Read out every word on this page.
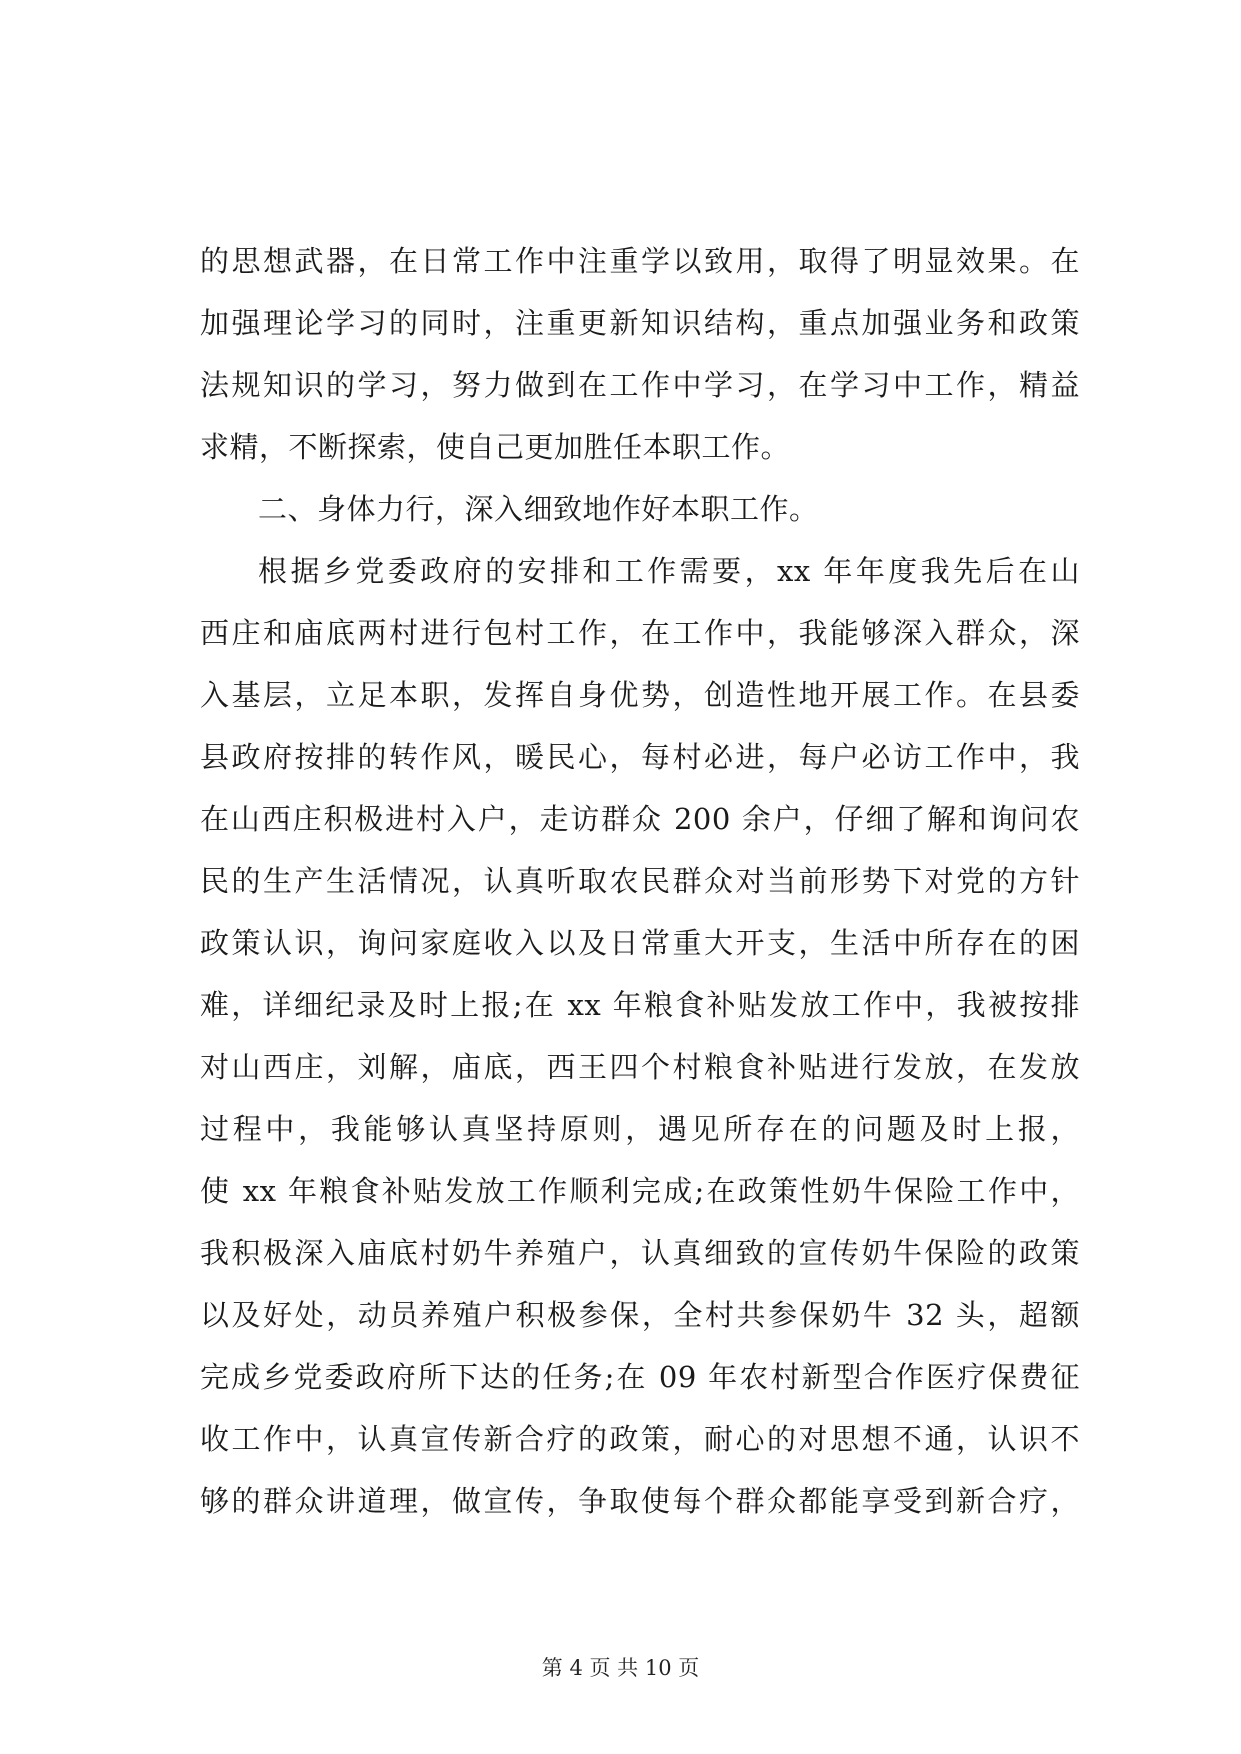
的思想武器，在日常工作中注重学以致用，取得了明显效果。在
加强理论学习的同时，注重更新知识结构，重点加强业务和政策
法规知识的学习，努力做到在工作中学习，在学习中工作，精益
求精，不断探索，使自己更加胜任本职工作。
二、身体力行，深入细致地作好本职工作。
根据乡党委政府的安排和工作需要，xx 年年度我先后在山
西庄和庙底两村进行包村工作，在工作中，我能够深入群众，深
入基层，立足本职，发挥自身优势，创造性地开展工作。在县委
县政府按排的转作风，暖民心，每村必进，每户必访工作中，我
在山西庄积极进村入户，走访群众 200 余户，仔细了解和询问农
民的生产生活情况，认真听取农民群众对当前形势下对党的方针
政策认识，询问家庭收入以及日常重大开支，生活中所存在的困
难，详细纪录及时上报;在 xx 年粮食补贴发放工作中，我被按排
对山西庄，刘解，庙底，西王四个村粮食补贴进行发放，在发放
过程中，我能够认真坚持原则，遇见所存在的问题及时上报，
使 xx 年粮食补贴发放工作顺利完成;在政策性奶牛保险工作中，
我积极深入庙底村奶牛养殖户，认真细致的宣传奶牛保险的政策
以及好处，动员养殖户积极参保，全村共参保奶牛 32 头，超额
完成乡党委政府所下达的任务;在 09 年农村新型合作医疗保费征
收工作中，认真宣传新合疗的政策，耐心的对思想不通，认识不
够的群众讲道理，做宣传，争取使每个群众都能享受到新合疗，
第 4 页 共 10 页
